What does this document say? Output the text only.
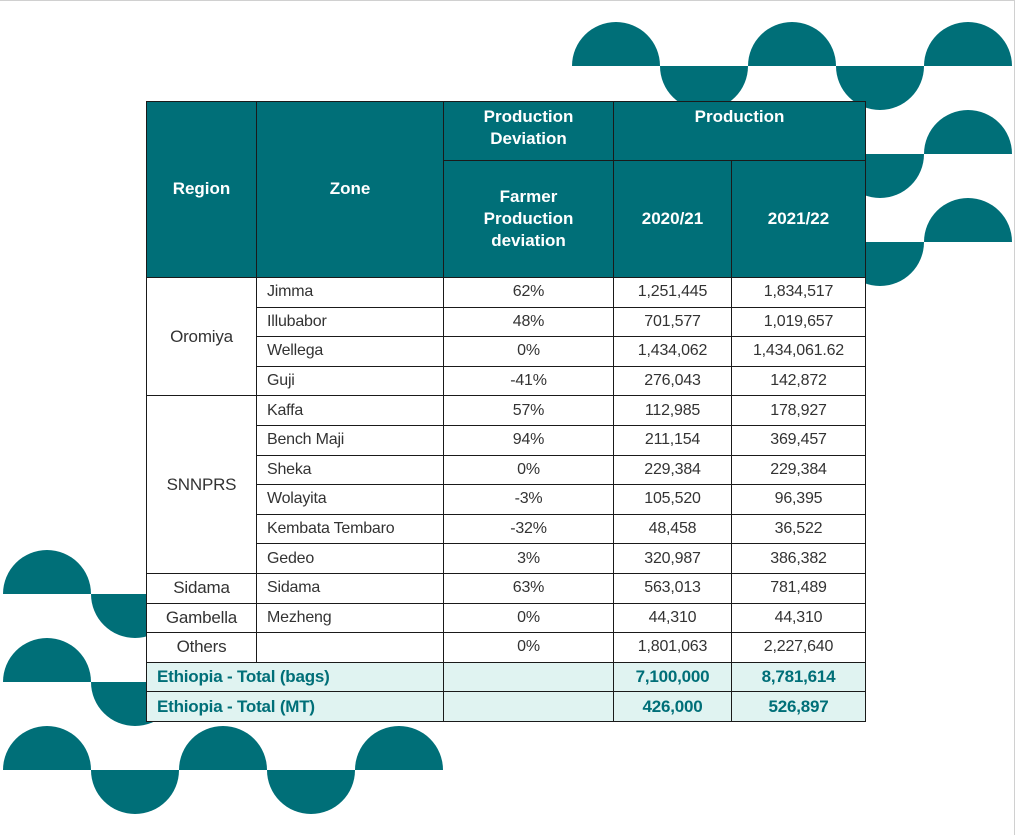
Region	Zone	Production Deviation	Production	
		Farmer Production deviation	2020/21	2021/22
Oromiya	Jimma	62%	1,251,445	1,834,517
	Illubabor	48%	701,577	1,019,657
	Wellega	0%	1,434,062	1,434,061.62
	Guji	-41%	276,043	142,872
SNNPRS	Kaffa	57%	112,985	178,927
	Bench Maji	94%	211,154	369,457
	Sheka	0%	229,384	229,384
	Wolayita	-3%	105,520	96,395
	Kembata Tembaro	-32%	48,458	36,522
	Gedeo	3%	320,987	386,382
Sidama	Sidama	63%	563,013	781,489
Gambella	Mezheng	0%	44,310	44,310
Others		0%	1,801,063	2,227,640
Ethiopia - Total (bags)			7,100,000	8,781,614
Ethiopia - Total (MT)			426,000	526,897
